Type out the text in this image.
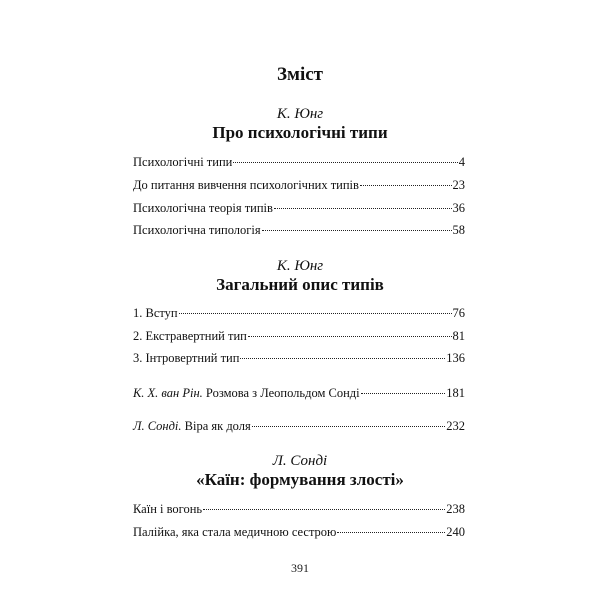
Зміст
К. Юнг
Про психологічні типи
Психологічні типи	4
До питання вивчення психологічних типів	23
Психологічна теорія типів	36
Психологічна типологія	58
К. Юнг
Загальний опис типів
1. Вступ	76
2. Екстравертний тип	81
3. Інтровертний тип	136
К. Х. ван Рін. Розмова з Леопольдом Сонді	181
Л. Сонді. Віра як доля	232
Л. Сонді
«Каїн: формування злості»
Каїн і вогонь	238
Палійка, яка стала медичною сестрою	240
391
